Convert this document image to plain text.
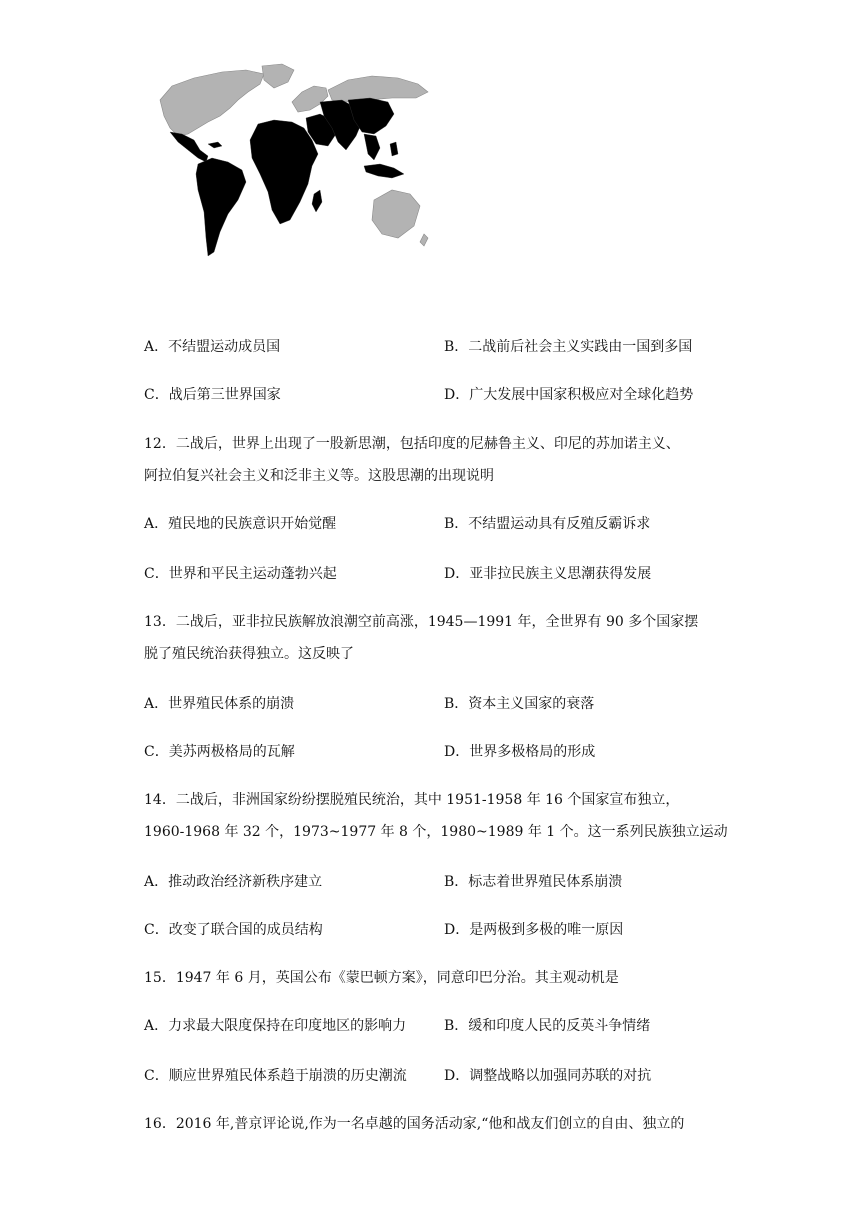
A．不结盟运动成员国	B．二战前后社会主义实践由一国到多国
C．战后第三世界国家	D．广大发展中国家积极应对全球化趋势
12．二战后，世界上出现了一股新思潮，包括印度的尼赫鲁主义、印尼的苏加诺主义、
阿拉伯复兴社会主义和泛非主义等。这股思潮的出现说明
A．殖民地的民族意识开始觉醒	B．不结盟运动具有反殖反霸诉求
C．世界和平民主运动蓬勃兴起	D．亚非拉民族主义思潮获得发展
13．二战后，亚非拉民族解放浪潮空前高涨，1945—1991 年，全世界有 90 多个国家摆
脱了殖民统治获得独立。这反映了
A．世界殖民体系的崩溃	B．资本主义国家的衰落
C．美苏两极格局的瓦解	D．世界多极格局的形成
14．二战后，非洲国家纷纷摆脱殖民统治，其中 1951-1958 年 16 个国家宣布独立，
1960-1968 年 32 个，1973~1977 年 8 个，1980~1989 年 1 个。这一系列民族独立运动
A．推动政治经济新秩序建立	B．标志着世界殖民体系崩溃
C．改变了联合国的成员结构	D．是两极到多极的唯一原因
15．1947 年 6 月，英国公布《蒙巴顿方案》，同意印巴分治。其主观动机是
A．力求最大限度保持在印度地区的影响力	B．缓和印度人民的反英斗争情绪
C．顺应世界殖民体系趋于崩溃的历史潮流	D．调整战略以加强同苏联的对抗
16．2016 年,普京评论说,作为一名卓越的国务活动家,“他和战友们创立的自由、独立的
